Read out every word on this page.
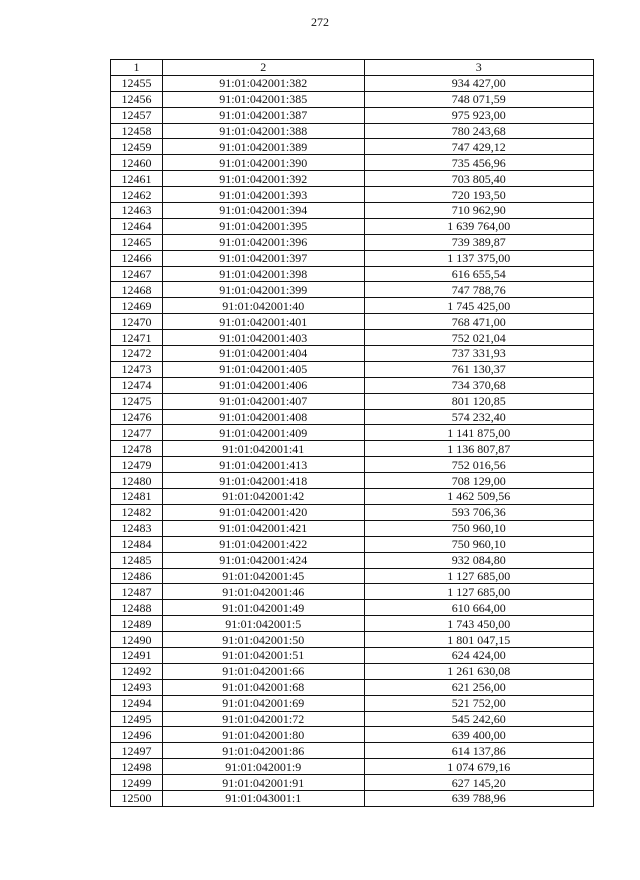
272
1	2	3
12455	91:01:042001:382	934 427,00
12456	91:01:042001:385	748 071,59
12457	91:01:042001:387	975 923,00
12458	91:01:042001:388	780 243,68
12459	91:01:042001:389	747 429,12
12460	91:01:042001:390	735 456,96
12461	91:01:042001:392	703 805,40
12462	91:01:042001:393	720 193,50
12463	91:01:042001:394	710 962,90
12464	91:01:042001:395	1 639 764,00
12465	91:01:042001:396	739 389,87
12466	91:01:042001:397	1 137 375,00
12467	91:01:042001:398	616 655,54
12468	91:01:042001:399	747 788,76
12469	91:01:042001:40	1 745 425,00
12470	91:01:042001:401	768 471,00
12471	91:01:042001:403	752 021,04
12472	91:01:042001:404	737 331,93
12473	91:01:042001:405	761 130,37
12474	91:01:042001:406	734 370,68
12475	91:01:042001:407	801 120,85
12476	91:01:042001:408	574 232,40
12477	91:01:042001:409	1 141 875,00
12478	91:01:042001:41	1 136 807,87
12479	91:01:042001:413	752 016,56
12480	91:01:042001:418	708 129,00
12481	91:01:042001:42	1 462 509,56
12482	91:01:042001:420	593 706,36
12483	91:01:042001:421	750 960,10
12484	91:01:042001:422	750 960,10
12485	91:01:042001:424	932 084,80
12486	91:01:042001:45	1 127 685,00
12487	91:01:042001:46	1 127 685,00
12488	91:01:042001:49	610 664,00
12489	91:01:042001:5	1 743 450,00
12490	91:01:042001:50	1 801 047,15
12491	91:01:042001:51	624 424,00
12492	91:01:042001:66	1 261 630,08
12493	91:01:042001:68	621 256,00
12494	91:01:042001:69	521 752,00
12495	91:01:042001:72	545 242,60
12496	91:01:042001:80	639 400,00
12497	91:01:042001:86	614 137,86
12498	91:01:042001:9	1 074 679,16
12499	91:01:042001:91	627 145,20
12500	91:01:043001:1	639 788,96
